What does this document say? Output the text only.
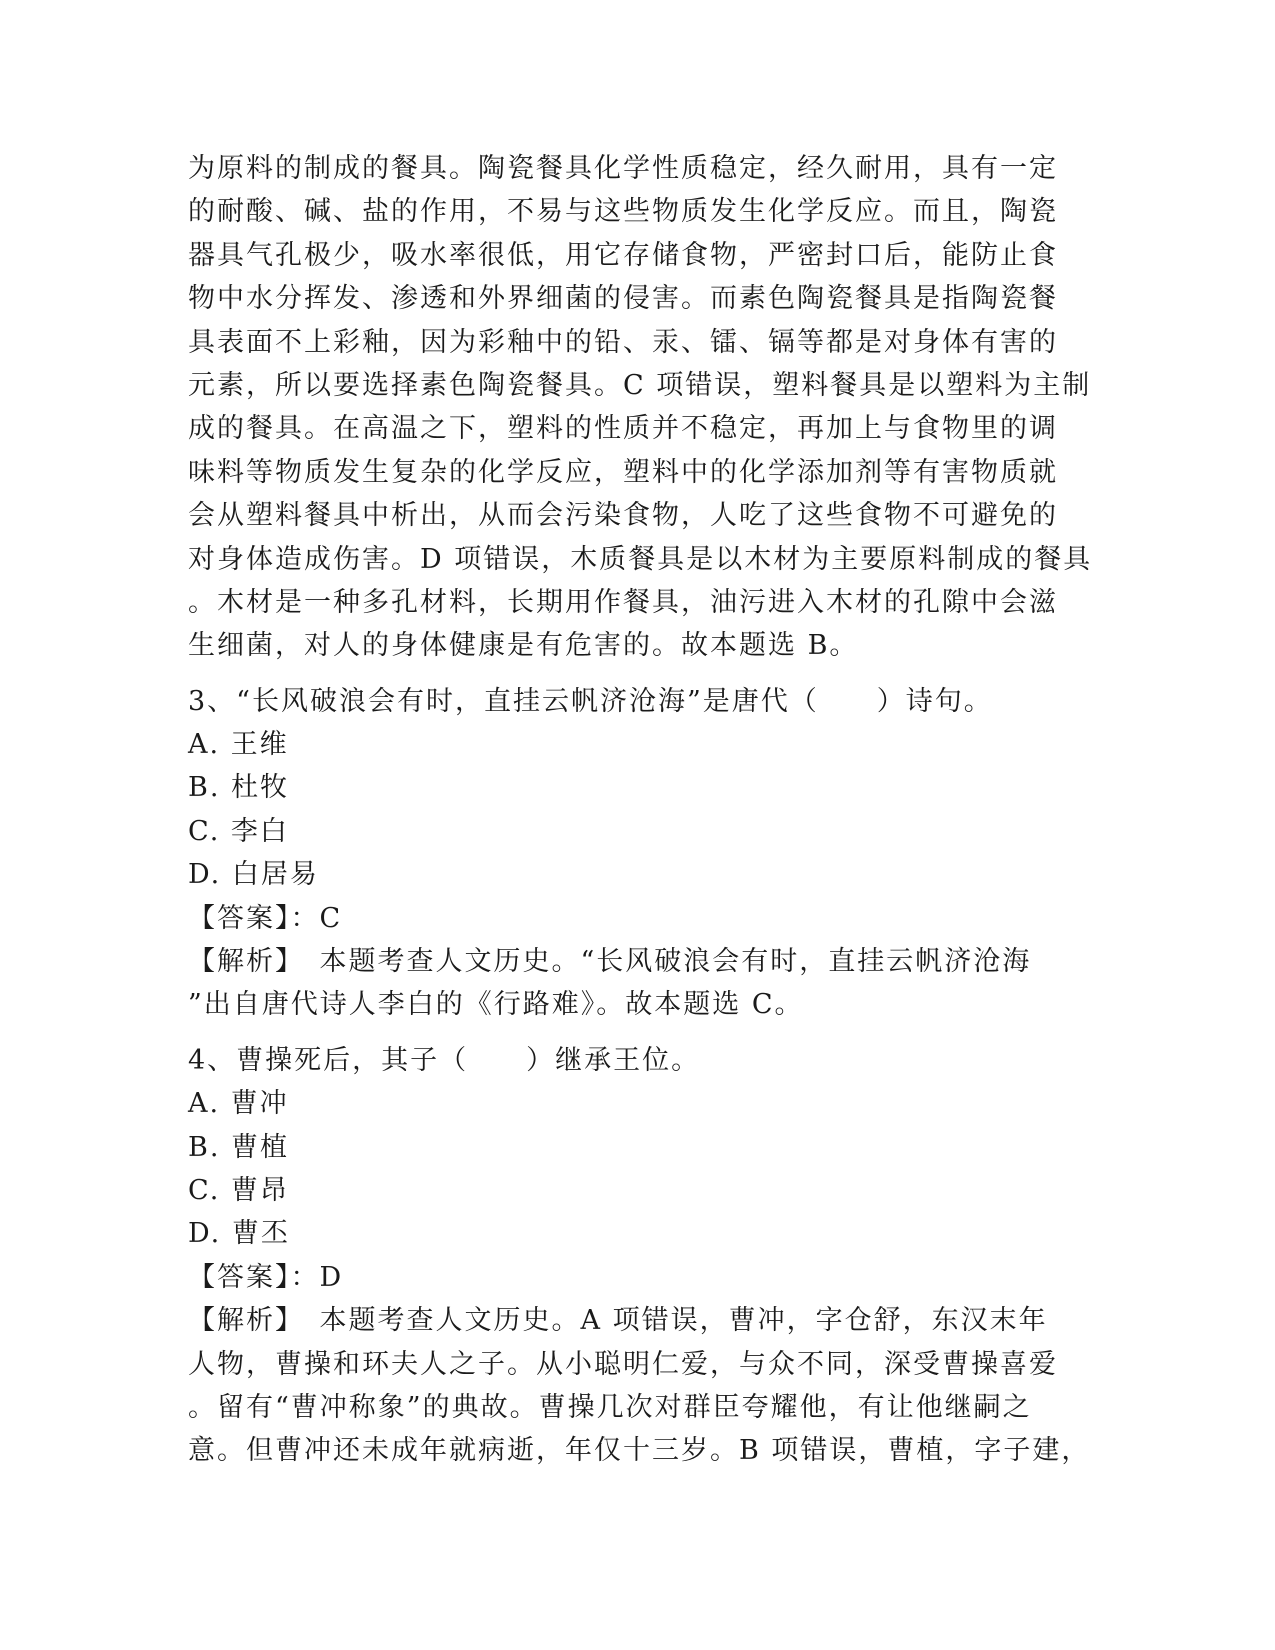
为原料的制成的餐具。陶瓷餐具化学性质稳定，经久耐用，具有一定
的耐酸、碱、盐的作用，不易与这些物质发生化学反应。而且，陶瓷
器具气孔极少，吸水率很低，用它存储食物，严密封口后，能防止食
物中水分挥发、渗透和外界细菌的侵害。而素色陶瓷餐具是指陶瓷餐
具表面不上彩釉，因为彩釉中的铅、汞、镭、镉等都是对身体有害的
元素，所以要选择素色陶瓷餐具。C 项错误，塑料餐具是以塑料为主制
成的餐具。在高温之下，塑料的性质并不稳定，再加上与食物里的调
味料等物质发生复杂的化学反应，塑料中的化学添加剂等有害物质就
会从塑料餐具中析出，从而会污染食物，人吃了这些食物不可避免的
对身体造成伤害。D 项错误，木质餐具是以木材为主要原料制成的餐具
。木材是一种多孔材料，长期用作餐具，油污进入木材的孔隙中会滋
生细菌，对人的身体健康是有危害的。故本题选 B。
3、“长风破浪会有时，直挂云帆济沧海”是唐代（　　）诗句。
A. 王维
B. 杜牧
C. 李白
D. 白居易
【答案】：C
【解析】　本题考查人文历史。“长风破浪会有时，直挂云帆济沧海
”出自唐代诗人李白的《行路难》。故本题选 C。
4、曹操死后，其子（　　）继承王位。
A. 曹冲
B. 曹植
C. 曹昂
D. 曹丕
【答案】：D
【解析】　本题考查人文历史。A 项错误，曹冲，字仓舒，东汉末年
人物，曹操和环夫人之子。从小聪明仁爱，与众不同，深受曹操喜爱
。留有“曹冲称象”的典故。曹操几次对群臣夸耀他，有让他继嗣之
意。但曹冲还未成年就病逝，年仅十三岁。B 项错误，曹植，字子建，
